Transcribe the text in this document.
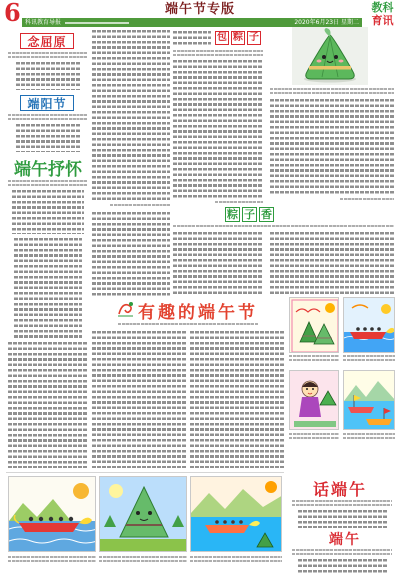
6	端午节专版
科讯教育导报	2020年6月23日 星期二
教科
育讯
念屈原
端阳节
端午抒怀
包 粽 子
粽 子 香
有趣的端午节
话端午
端午
